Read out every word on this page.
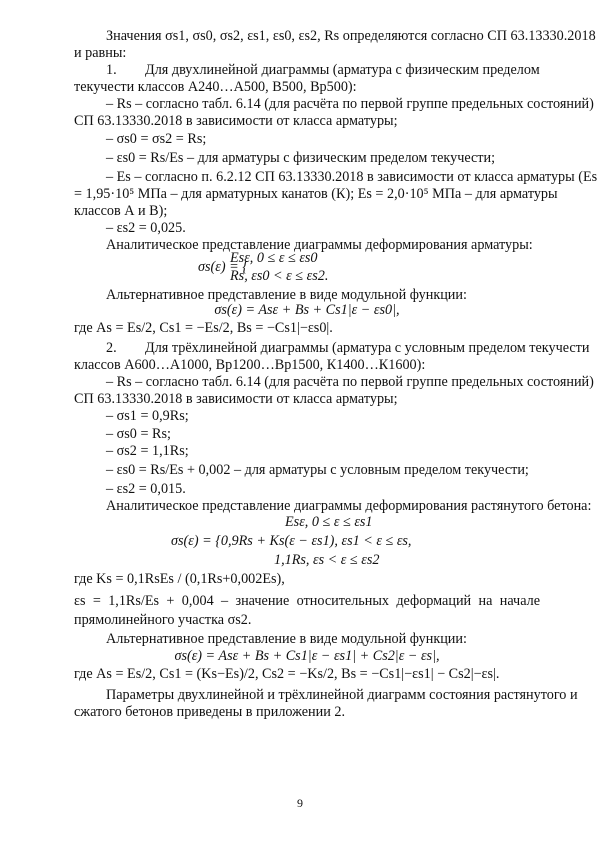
Значения σs1, σs0, σs2, εs1, εs0, εs2, Rs определяются согласно СП 63.13330.2018
и равны:
1.        Для двухлинейной диаграммы (арматура с физическим пределом
текучести классов А240…А500, В500, Вр500):
– Rs – согласно табл. 6.14 (для расчёта по первой группе предельных состояний)
СП 63.13330.2018 в зависимости от класса арматуры;
– σs0 = σs2 = Rs;
– εs0 = Rs/Es – для арматуры с физическим пределом текучести;
– Es – согласно п. 6.2.12 СП 63.13330.2018 в зависимости от класса арматуры (Es
= 1,95·10⁵ МПа – для арматурных канатов (К); Es = 2,0·10⁵ МПа – для арматуры
классов А и В);
– εs2 = 0,025.
Аналитическое представление диаграммы деформирования арматуры:
Esε, 0 ≤ ε ≤ εs0
σs(ε) = {
Rs, εs0 < ε ≤ εs2.
Альтернативное представление в виде модульной функции:
σs(ε) = Asε + Bs + Cs1|ε − εs0|,
где As = Es/2, Cs1 = −Es/2, Bs = −Cs1|−εs0|.
2.        Для трёхлинейной диаграммы (арматура с условным пределом текучести
классов А600…А1000, Вр1200…Вр1500, К1400…К1600):
– Rs – согласно табл. 6.14 (для расчёта по первой группе предельных состояний)
СП 63.13330.2018 в зависимости от класса арматуры;
– σs1 = 0,9Rs;
– σs0 = Rs;
– σs2 = 1,1Rs;
– εs0 = Rs/Es + 0,002 – для арматуры с условным пределом текучести;
– εs2 = 0,015.
Аналитическое представление диаграммы деформирования растянутого бетона:
Esε, 0 ≤ ε ≤ εs1
σs(ε) = {0,9Rs + Ks(ε − εs1), εs1 < ε ≤ εs,
1,1Rs, εs < ε ≤ εs2
где Ks = 0,1RsEs / (0,1Rs+0,002Es),
εs = 1,1Rs/Es + 0,004 – значение относительных деформаций на начале
прямолинейного участка σs2.
Альтернативное представление в виде модульной функции:
σs(ε) = Asε + Bs + Cs1|ε − εs1| + Cs2|ε − εs|,
где As = Es/2, Cs1 = (Ks−Es)/2, Cs2 = −Ks/2, Bs = −Cs1|−εs1| − Cs2|−εs|.
Параметры двухлинейной и трёхлинейной диаграмм состояния растянутого и
сжатого бетонов приведены в приложении 2.
9
